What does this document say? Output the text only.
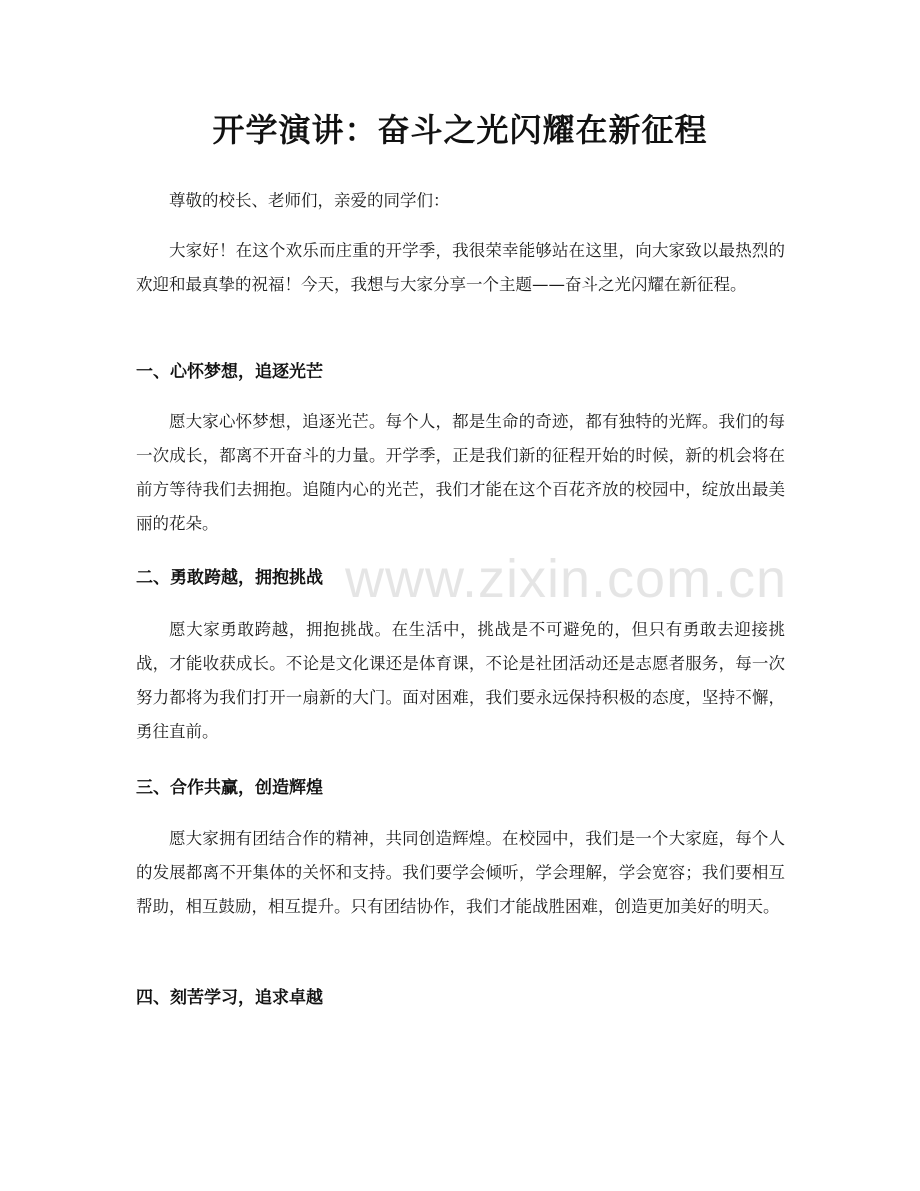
开学演讲：奋斗之光闪耀在新征程

尊敬的校长、老师们，亲爱的同学们：

大家好！在这个欢乐而庄重的开学季，我很荣幸能够站在这里，向大家致以最热烈的欢迎和最真挚的祝福！今天，我想与大家分享一个主题——奋斗之光闪耀在新征程。

一、心怀梦想，追逐光芒

愿大家心怀梦想，追逐光芒。每个人，都是生命的奇迹，都有独特的光辉。我们的每一次成长，都离不开奋斗的力量。开学季，正是我们新的征程开始的时候，新的机会将在前方等待我们去拥抱。追随内心的光芒，我们才能在这个百花齐放的校园中，绽放出最美丽的花朵。

二、勇敢跨越，拥抱挑战

愿大家勇敢跨越，拥抱挑战。在生活中，挑战是不可避免的，但只有勇敢去迎接挑战，才能收获成长。不论是文化课还是体育课，不论是社团活动还是志愿者服务，每一次努力都将为我们打开一扇新的大门。面对困难，我们要永远保持积极的态度，坚持不懈，勇往直前。

三、合作共赢，创造辉煌

愿大家拥有团结合作的精神，共同创造辉煌。在校园中，我们是一个大家庭，每个人的发展都离不开集体的关怀和支持。我们要学会倾听，学会理解，学会宽容；我们要相互帮助，相互鼓励，相互提升。只有团结协作，我们才能战胜困难，创造更加美好的明天。

四、刻苦学习，追求卓越
www.zixin.com.cn
